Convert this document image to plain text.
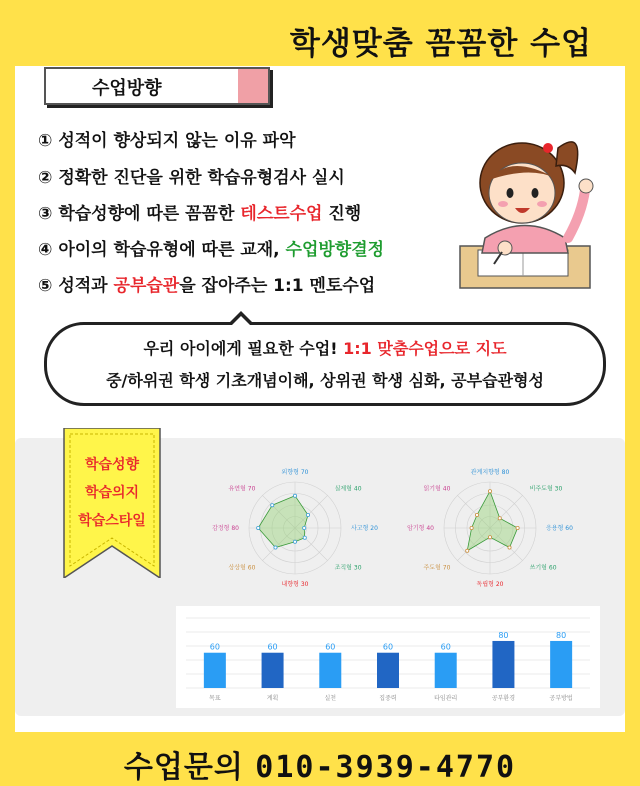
학생맞춤 꼼꼼한 수업
수업방향
① 성적이 향상되지 않는 이유 파악
② 정확한 진단을 위한 학습유형검사 실시
③ 학습성향에 따른 꼼꼼한 테스트수업 진행
④ 아이의 학습유형에 따른 교재, 수업방향결정
⑤ 성적과 공부습관을 잡아주는 1:1 멘토수업
우리 아이에게 필요한 수업! 1:1 맞춤수업으로 지도
중/하위권 학생 기초개념이해, 상위권 학생 심화, 공부습관형성
학습성향
학습의지
학습스타일
외향형 70
실제형 40
사고형 20
조직형 30
내향형 30
상상형 60
감정형 80
유연형 70
관계지향형 80
비주도형 30
응용형 60
쓰기형 60
독립형 20
주도형 70
암기형 40
읽기형 40
60
목표
60
계획
60
실천
60
집중력
60
타임관리
80
공부환경
80
공부방법
수업문의 010-3939-4770
